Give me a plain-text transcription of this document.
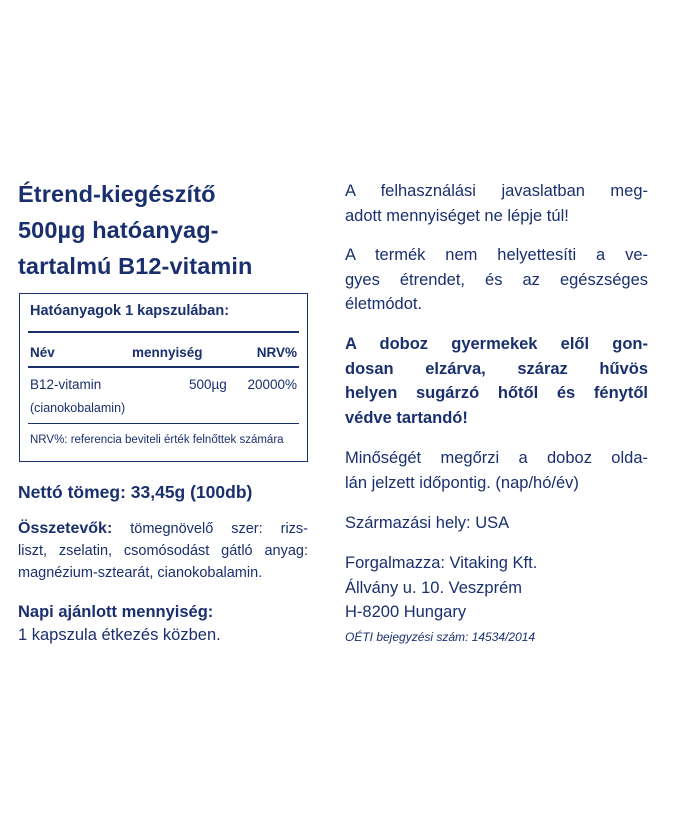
Étrend-kiegészítő
500µg hatóanyag-
tartalmú B12-vitamin
Hatóanyagok 1 kapszulában:
Név	mennyiség	NRV%
B12-vitamin	500µg 20000%
(cianokobalamin)
NRV%: referencia beviteli érték felnőttek számára
Nettó tömeg: 33,45g (100db)
Összetevők: tömegnövelő szer: rizs-
liszt, zselatin, csomósodást gátló anyag:
magnézium-sztearát, cianokobalamin.
Napi ajánlott mennyiség:
1 kapszula étkezés közben.
A felhasználási javaslatban meg-
adott mennyiséget ne lépje túl!
A termék nem helyettesíti a ve-
gyes étrendet, és az egészséges
életmódot.
A doboz gyermekek elől gon-
dosan elzárva, száraz hűvös
helyen sugárzó hőtől és fénytől
védve tartandó!
Minőségét megőrzi a doboz olda-
lán jelzett időpontig. (nap/hó/év)
Származási hely: USA
Forgalmazza: Vitaking Kft.
Állvány u. 10. Veszprém
H-8200 Hungary
OÉTI bejegyzési szám: 14534/2014
